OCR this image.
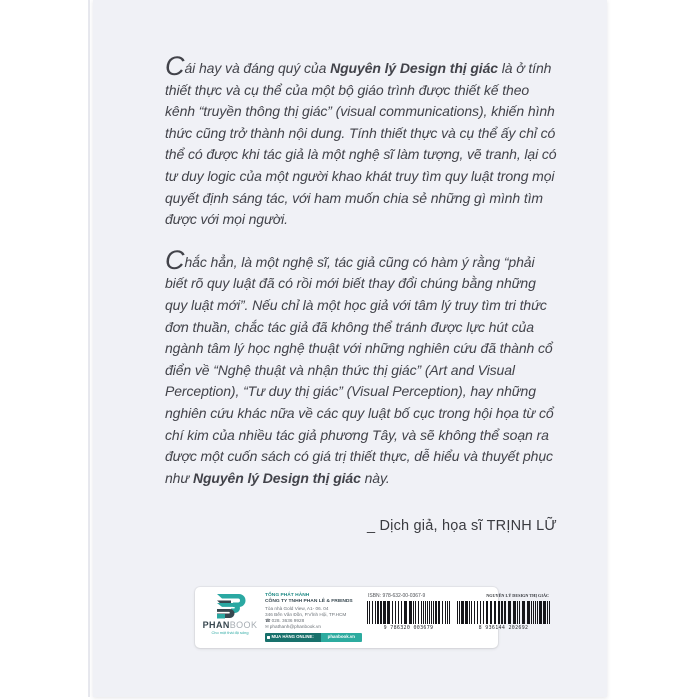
Cái hay và đáng quý của Nguyên lý Design thị giác là ở tính thiết thực và cụ thể của một bộ giáo trình được thiết kế theo kênh “truyền thông thị giác” (visual communications), khiến hình thức cũng trở thành nội dung. Tính thiết thực và cụ thể ấy chỉ có thể có được khi tác giả là một nghệ sĩ làm tượng, vẽ tranh, lại có tư duy logic của một người khao khát truy tìm quy luật trong mọi quyết định sáng tác, với ham muốn chia sẻ những gì mình tìm được với mọi người.

Chắc hẳn, là một nghệ sĩ, tác giả cũng có hàm ý rằng “phải biết rõ quy luật đã có rồi mới biết thay đổi chúng bằng những quy luật mới”. Nếu chỉ là một học giả với tâm lý truy tìm tri thức đơn thuần, chắc tác giả đã không thể tránh được lực hút của ngành tâm lý học nghệ thuật với những nghiên cứu đã thành cổ điển về “Nghệ thuật và nhận thức thị giác” (Art and Visual Perception), “Tư duy thị giác” (Visual Perception), hay những nghiên cứu khác nữa về các quy luật bố cục trong hội họa từ cổ chí kim của nhiều tác giả phương Tây, và sẽ không thể soạn ra được một cuốn sách có giá trị thiết thực, dễ hiểu và thuyết phục như Nguyên lý Design thị giác này.

_ Dịch giả, họa sĩ TRỊNH LỮ
PHANBOOK
Cho một thái độ sống
TỔNG PHÁT HÀNH
CÔNG TY TNHH PHAN LÊ & FRIENDS
Tòa nhà Gold View, A1- 06. 04
346 Bến Vân Đồn, P.Vĩnh Hội, TP.HCM
☎028. 3636 9928
✉phathanh@phanbook.vn
MUA HÀNG ONLINE:	phanbook.vn
ISBN: 978-632-00-0367-9	NGUYÊN LÝ DESIGN THỊ GIÁC
9 786320 003679	8 936144 202692
